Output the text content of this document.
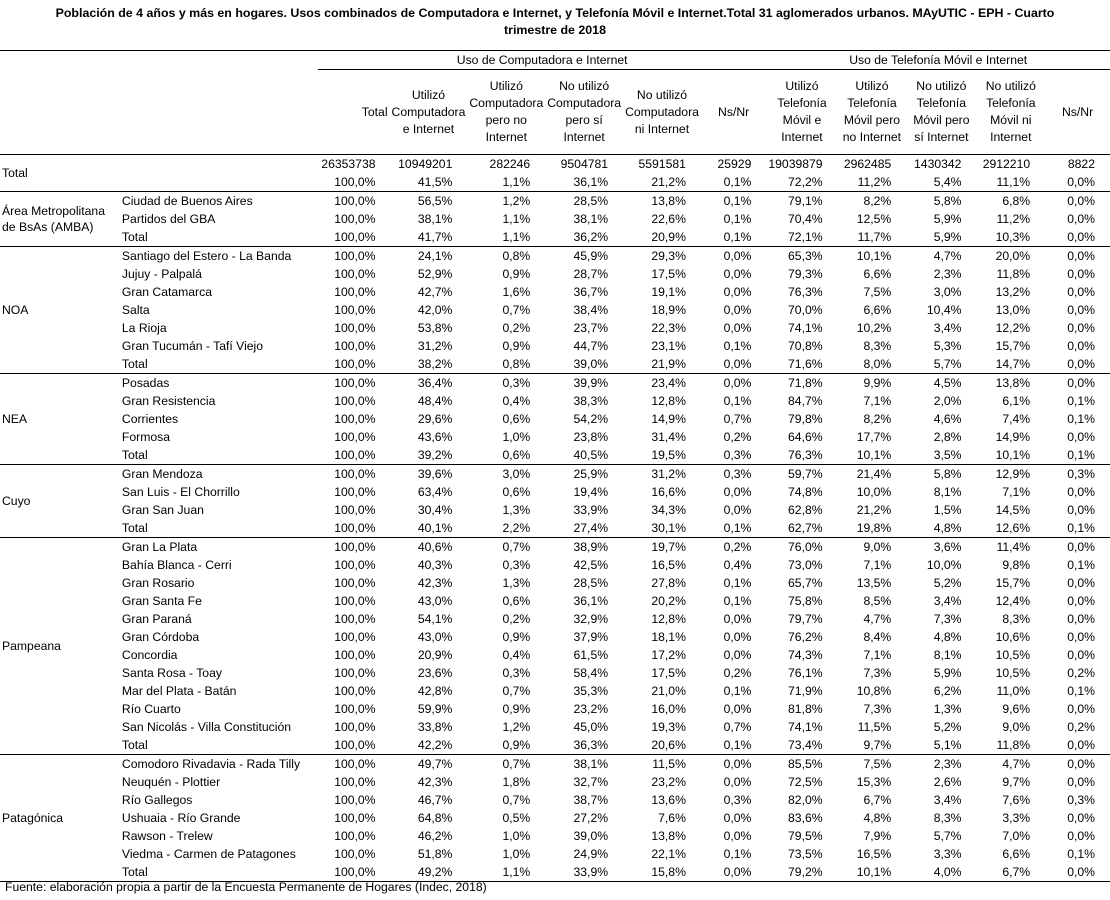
Población de 4 años y más en hogares. Usos combinados de Computadora e Internet, y Telefonía Móvil e Internet.Total 31 aglomerados urbanos. MAyUTIC - EPH - Cuarto
trimestre de 2018
		Uso de Computadora e Internet						Uso de Telefonía Móvil e Internet				
		Total	Utilizó Computadora e Internet	Utilizó Computadora pero no Internet	No utilizó Computadora pero sí Internet	No utilizó Computadora ni Internet	Ns/Nr	Utilizó Telefonía Móvil e Internet	Utilizó Telefonía Móvil pero no Internet	No utilizó Telefonía Móvil pero sí Internet	No utilizó Telefonía Móvil ni Internet	Ns/Nr
Total		26353738	10949201	282246	9504781	5591581	25929	19039879	2962485	1430342	2912210	8822
		100,0%	41,5%	1,1%	36,1%	21,2%	0,1%	72,2%	11,2%	5,4%	11,1%	0,0%
Área Metropolitana de BsAs (AMBA)	Ciudad de Buenos Aires	100,0%	56,5%	1,2%	28,5%	13,8%	0,1%	79,1%	8,2%	5,8%	6,8%	0,0%
	Partidos del GBA	100,0%	38,1%	1,1%	38,1%	22,6%	0,1%	70,4%	12,5%	5,9%	11,2%	0,0%
	Total	100,0%	41,7%	1,1%	36,2%	20,9%	0,1%	72,1%	11,7%	5,9%	10,3%	0,0%
NOA	Santiago del Estero - La Banda	100,0%	24,1%	0,8%	45,9%	29,3%	0,0%	65,3%	10,1%	4,7%	20,0%	0,0%
	Jujuy - Palpalá	100,0%	52,9%	0,9%	28,7%	17,5%	0,0%	79,3%	6,6%	2,3%	11,8%	0,0%
	Gran Catamarca	100,0%	42,7%	1,6%	36,7%	19,1%	0,0%	76,3%	7,5%	3,0%	13,2%	0,0%
	Salta	100,0%	42,0%	0,7%	38,4%	18,9%	0,0%	70,0%	6,6%	10,4%	13,0%	0,0%
	La Rioja	100,0%	53,8%	0,2%	23,7%	22,3%	0,0%	74,1%	10,2%	3,4%	12,2%	0,0%
	Gran Tucumán - Tafí Viejo	100,0%	31,2%	0,9%	44,7%	23,1%	0,1%	70,8%	8,3%	5,3%	15,7%	0,0%
	Total	100,0%	38,2%	0,8%	39,0%	21,9%	0,0%	71,6%	8,0%	5,7%	14,7%	0,0%
NEA	Posadas	100,0%	36,4%	0,3%	39,9%	23,4%	0,0%	71,8%	9,9%	4,5%	13,8%	0,0%
	Gran Resistencia	100,0%	48,4%	0,4%	38,3%	12,8%	0,1%	84,7%	7,1%	2,0%	6,1%	0,1%
	Corrientes	100,0%	29,6%	0,6%	54,2%	14,9%	0,7%	79,8%	8,2%	4,6%	7,4%	0,1%
	Formosa	100,0%	43,6%	1,0%	23,8%	31,4%	0,2%	64,6%	17,7%	2,8%	14,9%	0,0%
	Total	100,0%	39,2%	0,6%	40,5%	19,5%	0,3%	76,3%	10,1%	3,5%	10,1%	0,1%
Cuyo	Gran Mendoza	100,0%	39,6%	3,0%	25,9%	31,2%	0,3%	59,7%	21,4%	5,8%	12,9%	0,3%
	San Luis - El Chorrillo	100,0%	63,4%	0,6%	19,4%	16,6%	0,0%	74,8%	10,0%	8,1%	7,1%	0,0%
	Gran San Juan	100,0%	30,4%	1,3%	33,9%	34,3%	0,0%	62,8%	21,2%	1,5%	14,5%	0,0%
	Total	100,0%	40,1%	2,2%	27,4%	30,1%	0,1%	62,7%	19,8%	4,8%	12,6%	0,1%
Pampeana	Gran La Plata	100,0%	40,6%	0,7%	38,9%	19,7%	0,2%	76,0%	9,0%	3,6%	11,4%	0,0%
	Bahía Blanca - Cerri	100,0%	40,3%	0,3%	42,5%	16,5%	0,4%	73,0%	7,1%	10,0%	9,8%	0,1%
	Gran Rosario	100,0%	42,3%	1,3%	28,5%	27,8%	0,1%	65,7%	13,5%	5,2%	15,7%	0,0%
	Gran Santa Fe	100,0%	43,0%	0,6%	36,1%	20,2%	0,1%	75,8%	8,5%	3,4%	12,4%	0,0%
	Gran Paraná	100,0%	54,1%	0,2%	32,9%	12,8%	0,0%	79,7%	4,7%	7,3%	8,3%	0,0%
	Gran Córdoba	100,0%	43,0%	0,9%	37,9%	18,1%	0,0%	76,2%	8,4%	4,8%	10,6%	0,0%
	Concordia	100,0%	20,9%	0,4%	61,5%	17,2%	0,0%	74,3%	7,1%	8,1%	10,5%	0,0%
	Santa Rosa - Toay	100,0%	23,6%	0,3%	58,4%	17,5%	0,2%	76,1%	7,3%	5,9%	10,5%	0,2%
	Mar del Plata - Batán	100,0%	42,8%	0,7%	35,3%	21,0%	0,1%	71,9%	10,8%	6,2%	11,0%	0,1%
	Río Cuarto	100,0%	59,9%	0,9%	23,2%	16,0%	0,0%	81,8%	7,3%	1,3%	9,6%	0,0%
	San Nicolás - Villa Constitución	100,0%	33,8%	1,2%	45,0%	19,3%	0,7%	74,1%	11,5%	5,2%	9,0%	0,2%
	Total	100,0%	42,2%	0,9%	36,3%	20,6%	0,1%	73,4%	9,7%	5,1%	11,8%	0,0%
Patagónica	Comodoro Rivadavia - Rada Tilly	100,0%	49,7%	0,7%	38,1%	11,5%	0,0%	85,5%	7,5%	2,3%	4,7%	0,0%
	Neuquén - Plottier	100,0%	42,3%	1,8%	32,7%	23,2%	0,0%	72,5%	15,3%	2,6%	9,7%	0,0%
	Río Gallegos	100,0%	46,7%	0,7%	38,7%	13,6%	0,3%	82,0%	6,7%	3,4%	7,6%	0,3%
	Ushuaia - Río Grande	100,0%	64,8%	0,5%	27,2%	7,6%	0,0%	83,6%	4,8%	8,3%	3,3%	0,0%
	Rawson - Trelew	100,0%	46,2%	1,0%	39,0%	13,8%	0,0%	79,5%	7,9%	5,7%	7,0%	0,0%
	Viedma - Carmen de Patagones	100,0%	51,8%	1,0%	24,9%	22,1%	0,1%	73,5%	16,5%	3,3%	6,6%	0,1%
	Total	100,0%	49,2%	1,1%	33,9%	15,8%	0,0%	79,2%	10,1%	4,0%	6,7%	0,0%
Fuente: elaboración propia a partir de la Encuesta Permanente de Hogares (Indec, 2018)
